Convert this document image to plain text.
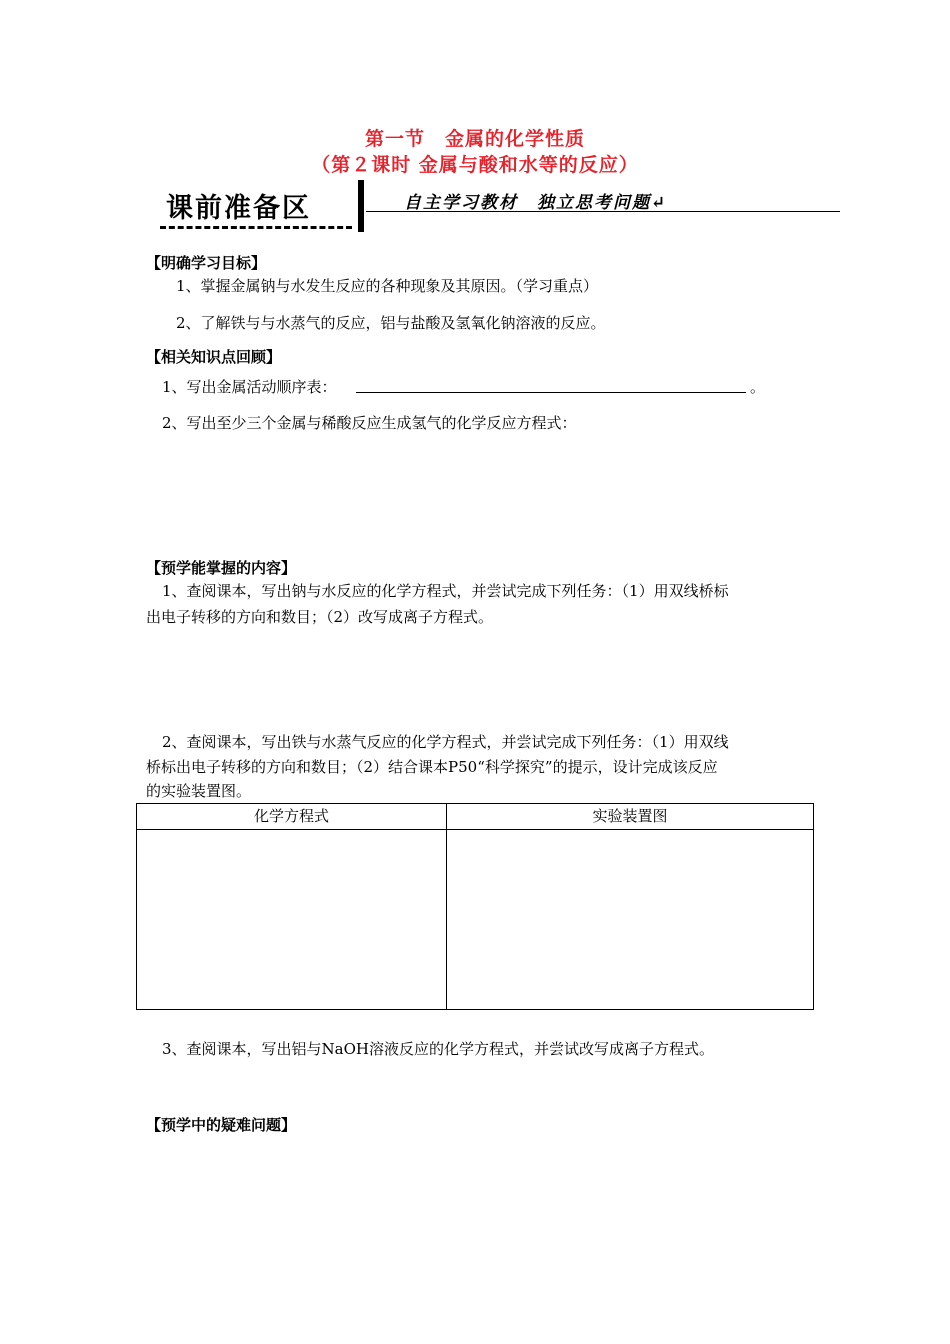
第一节　金属的化学性质
（第２课时 金属与酸和水等的反应）
课前准备区	自主学习教材　独立思考问题↵
【明确学习目标】
1、掌握金属钠与水发生反应的各种现象及其原因。（学习重点）
2、了解铁与与水蒸气的反应，铝与盐酸及氢氧化钠溶液的反应。
【相关知识点回顾】
1、写出金属活动顺序表：	。
2、写出至少三个金属与稀酸反应生成氢气的化学反应方程式：
【预学能掌握的内容】
1、查阅课本，写出钠与水反应的化学方程式，并尝试完成下列任务：（1）用双线桥标
出电子转移的方向和数目；（2）改写成离子方程式。
2、查阅课本，写出铁与水蒸气反应的化学方程式，并尝试完成下列任务：（1）用双线
桥标出电子转移的方向和数目；（2）结合课本P50“科学探究”的提示，设计完成该反应
的实验装置图。
化学方程式	实验装置图
3、查阅课本，写出铝与NaOH溶液反应的化学方程式，并尝试改写成离子方程式。
【预学中的疑难问题】
